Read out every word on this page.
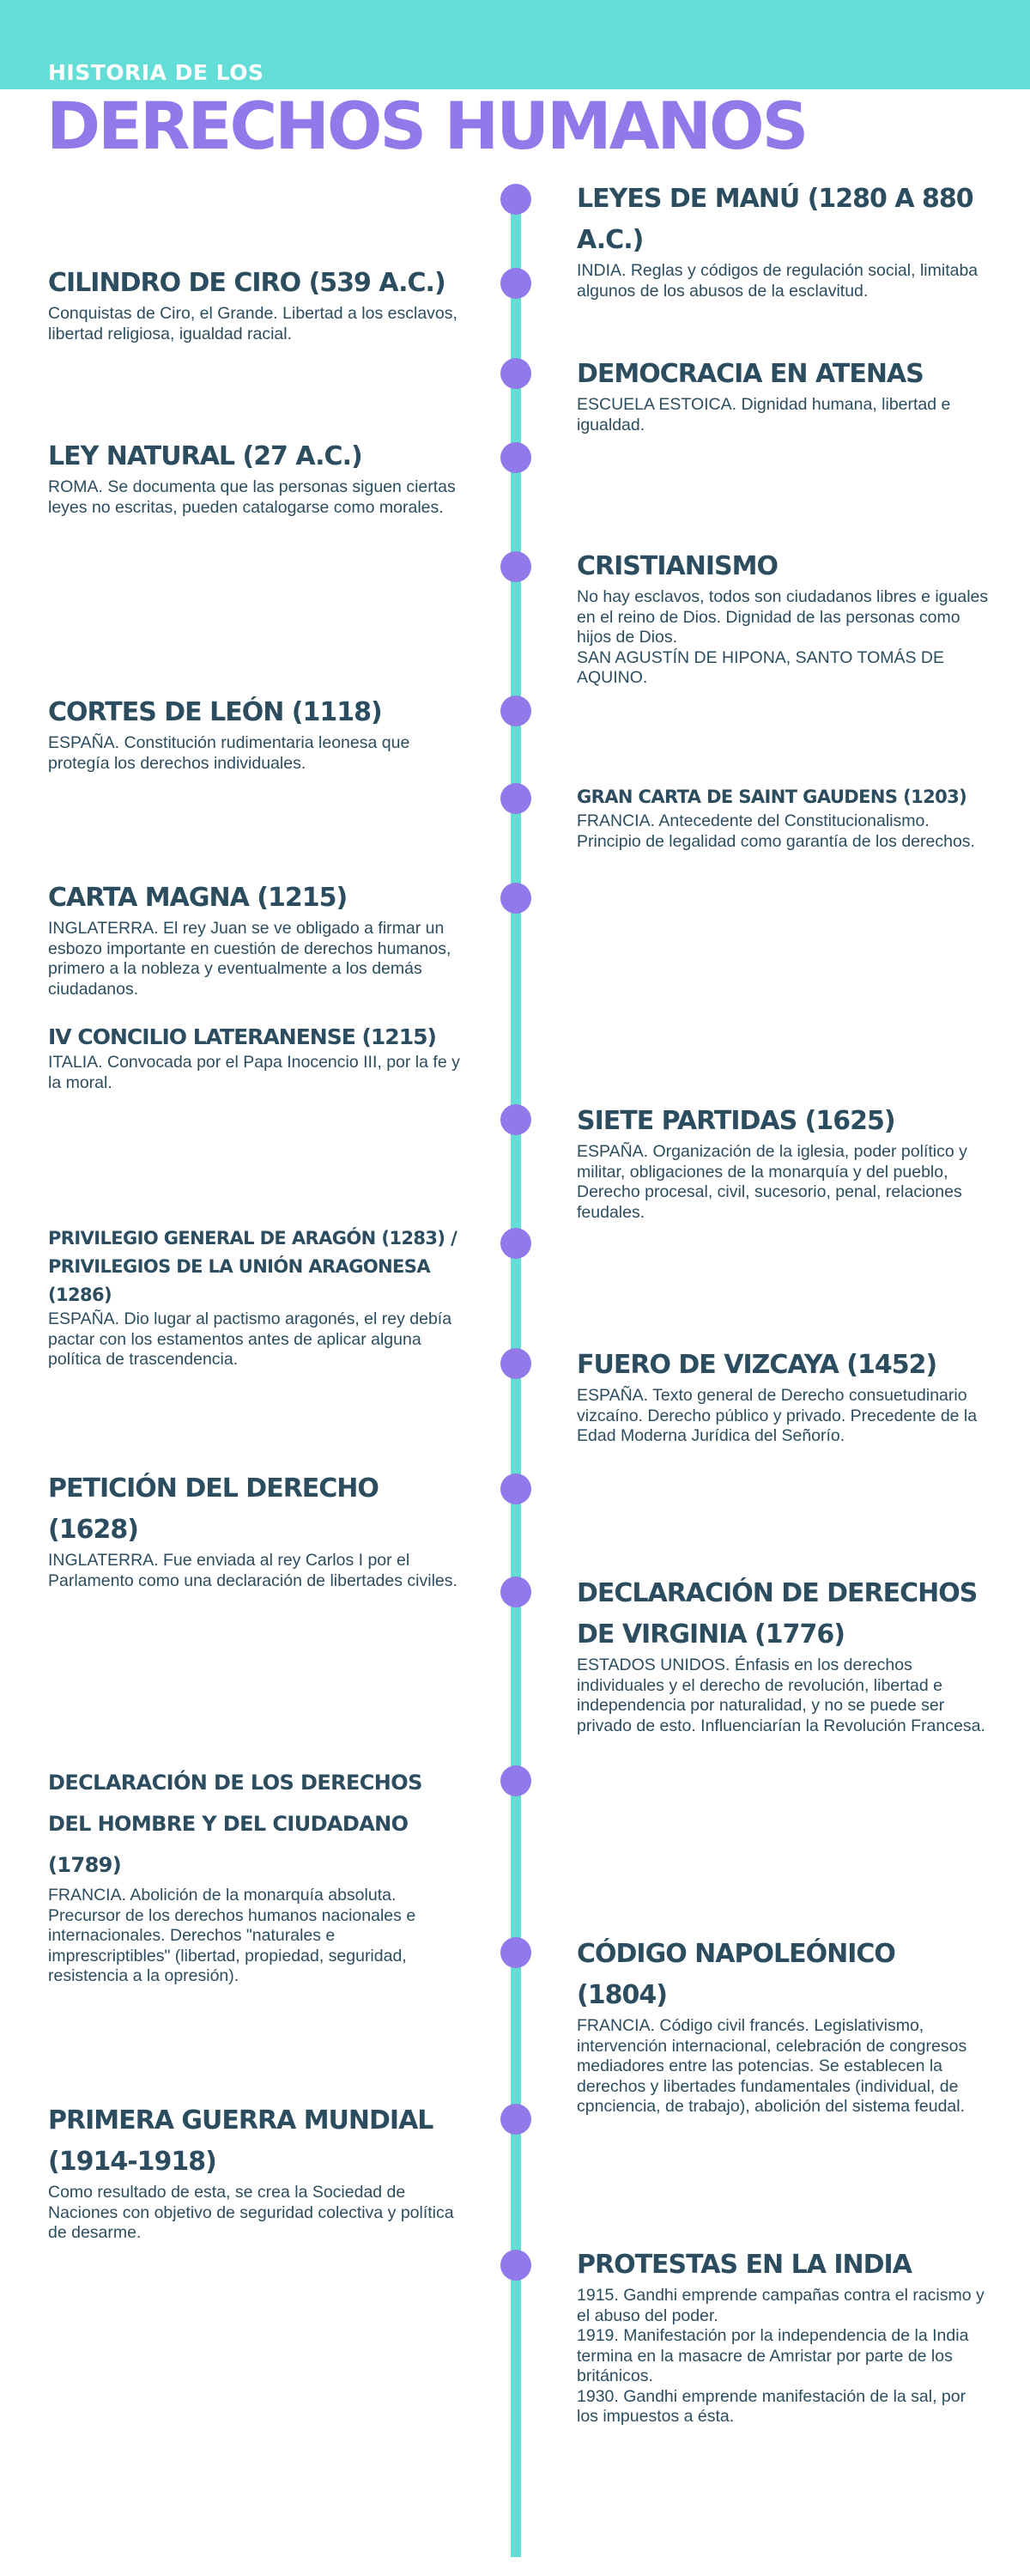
HISTORIA DE LOS
DERECHOS HUMANOS
LEYES DE MANÚ (1280 A 880 A.C.)

INDIA. Reglas y códigos de regulación social, limitaba algunos de los abusos de la esclavitud.

CILINDRO DE CIRO (539 A.C.)

Conquistas de Ciro, el Grande. Libertad a los esclavos, libertad religiosa, igualdad racial.

DEMOCRACIA EN ATENAS

ESCUELA ESTOICA. Dignidad humana, libertad e igualdad.

LEY NATURAL (27 A.C.)

ROMA. Se documenta que las personas siguen ciertas leyes no escritas, pueden catalogarse como morales.

CRISTIANISMO

No hay esclavos, todos son ciudadanos libres e iguales en el reino de Dios. Dignidad de las personas como hijos de Dios.
SAN AGUSTÍN DE HIPONA, SANTO TOMÁS DE AQUINO.

CORTES DE LEÓN (1118)

ESPAÑA. Constitución rudimentaria leonesa que protegía los derechos individuales.

GRAN CARTA DE SAINT GAUDENS (1203)

FRANCIA. Antecedente del Constitucionalismo. Principio de legalidad como garantía de los derechos.

CARTA MAGNA (1215)

INGLATERRA. El rey Juan se ve obligado a firmar un esbozo importante en cuestión de derechos humanos, primero a la nobleza y eventualmente a los demás ciudadanos.

IV CONCILIO LATERANENSE (1215)

ITALIA. Convocada por el Papa Inocencio III, por la fe y la moral.

SIETE PARTIDAS (1625)

ESPAÑA. Organización de la iglesia, poder político y militar, obligaciones de la monarquía y del pueblo, Derecho procesal, civil, sucesorio, penal, relaciones feudales.

PRIVILEGIO GENERAL DE ARAGÓN (1283) / PRIVILEGIOS DE LA UNIÓN ARAGONESA (1286)

ESPAÑA. Dio lugar al pactismo aragonés, el rey debía pactar con los estamentos antes de aplicar alguna política de trascendencia.	FUERO DE VIZCAYA (1452)

ESPAÑA. Texto general de Derecho consuetudinario vizcaíno. Derecho público y privado. Precedente de la Edad Moderna Jurídica del Señorío.

PETICIÓN DEL DERECHO (1628)

INGLATERRA. Fue enviada al rey Carlos I por el Parlamento como una declaración de libertades civiles.	DECLARACIÓN DE DERECHOS DE VIRGINIA (1776)

ESTADOS UNIDOS. Énfasis en los derechos individuales y el derecho de revolución, libertad e independencia por naturalidad, y no se puede ser privado de esto. Influenciarían la Revolución Francesa.

DECLARACIÓN DE LOS DERECHOS DEL HOMBRE Y DEL CIUDADANO (1789)

FRANCIA. Abolición de la monarquía absoluta. Precursor de los derechos humanos nacionales e internacionales. Derechos "naturales e imprescriptibles" (libertad, propiedad, seguridad, resistencia a la opresión).

CÓDIGO NAPOLEÓNICO (1804)

FRANCIA. Código civil francés. Legislativismo, intervención internacional, celebración de congresos mediadores entre las potencias. Se establecen la derechos y libertades fundamentales (individual, de cpnciencia, de trabajo), abolición del sistema feudal.

PRIMERA GUERRA MUNDIAL (1914-1918)

Como resultado de esta, se crea la Sociedad de Naciones con objetivo de seguridad colectiva y política de desarme.

PROTESTAS EN LA INDIA

1915. Gandhi emprende campañas contra el racismo y el abuso del poder.
1919. Manifestación por la independencia de la India termina en la masacre de Amristar por parte de los británicos.
1930. Gandhi emprende manifestación de la sal, por los impuestos a ésta.
